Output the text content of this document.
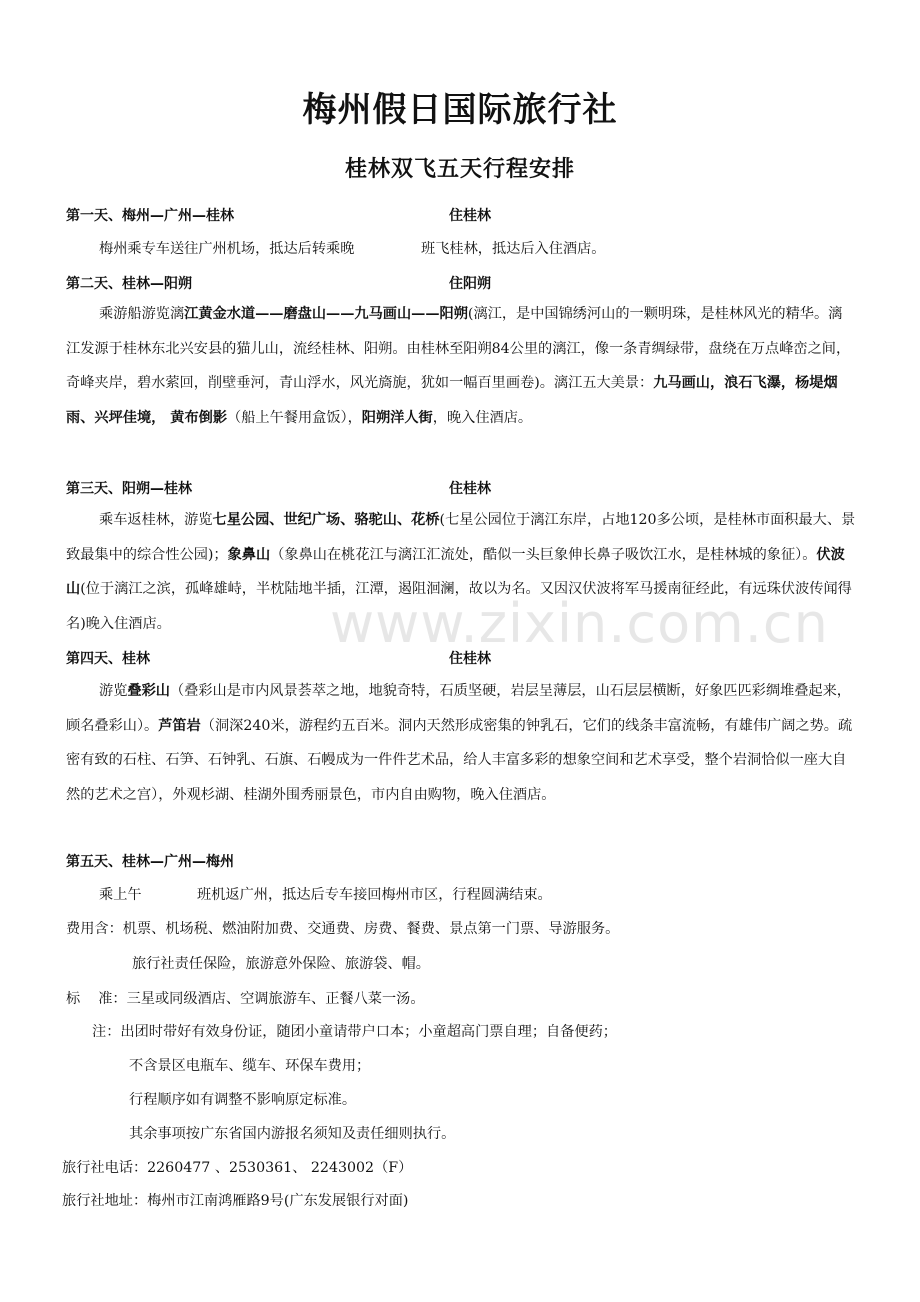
梅州假日国际旅行社
桂林双飞五天行程安排
第一天、梅州—广州—桂林	住桂林
梅州乘专车送往广州机场，抵达后转乘晚	班飞桂林，抵达后入住酒店。
第二天、桂林—阳朔	住阳朔
乘游船游览漓江黄金水道——磨盘山——九马画山——阳朔(漓江，是中国锦绣河山的一颗明珠，是桂林风光的精华。漓江发源于桂林东北兴安县的猫儿山，流经桂林、阳朔。由桂林至阳朔84公里的漓江，像一条青绸绿带，盘绕在万点峰峦之间，奇峰夹岸，碧水萦回，削壁垂河，青山浮水，风光旖旎，犹如一幅百里画卷)。漓江五大美景：九马画山，浪石飞瀑，杨堤烟雨、兴坪佳境， 黄布倒影（船上午餐用盒饭），阳朔洋人街，晚入住酒店。
第三天、阳朔—桂林	住桂林
乘车返桂林，游览七星公园、世纪广场、骆驼山、花桥(七星公园位于漓江东岸，占地120多公顷，是桂林市面积最大、景致最集中的综合性公园)；象鼻山（象鼻山在桃花江与漓江汇流处，酷似一头巨象伸长鼻子吸饮江水，是桂林城的象征）。伏波山(位于漓江之滨，孤峰雄峙，半枕陆地半插，江潭，遏阻洄澜，故以为名。又因汉伏波将军马援南征经此，有远珠伏波传闻得名)晚入住酒店。
第四天、桂林	住桂林
游览叠彩山（叠彩山是市内风景荟萃之地，地貌奇特，石质坚硬，岩层呈薄层，山石层层横断，好象匹匹彩绸堆叠起来，顾名叠彩山）。芦笛岩（洞深240米，游程约五百米。洞内天然形成密集的钟乳石，它们的线条丰富流畅，有雄伟广阔之势。疏密有致的石柱、石笋、石钟乳、石旗、石幔成为一件件艺术品，给人丰富多彩的想象空间和艺术享受，整个岩洞恰似一座大自然的艺术之宫），外观杉湖、桂湖外围秀丽景色，市内自由购物，晚入住酒店。
第五天、桂林—广州—梅州
乘上午	班机返广州，抵达后专车接回梅州市区，行程圆满结束。
费用含：机票、机场税、燃油附加费、交通费、房费、餐费、景点第一门票、导游服务。
旅行社责任保险，旅游意外保险、旅游袋、帽。
标    准：三星或同级酒店、空调旅游车、正餐八菜一汤。
注：出团时带好有效身份证，随团小童请带户口本；小童超高门票自理；自备便药；
不含景区电瓶车、缆车、环保车费用；
行程顺序如有调整不影响原定标准。
其余事项按广东省国内游报名须知及责任细则执行。
旅行社电话：2260477 、2530361、 2243002（F）
旅行社地址：梅州市江南鸿雁路9号(广东发展银行对面)
www.zixin.com.cn
